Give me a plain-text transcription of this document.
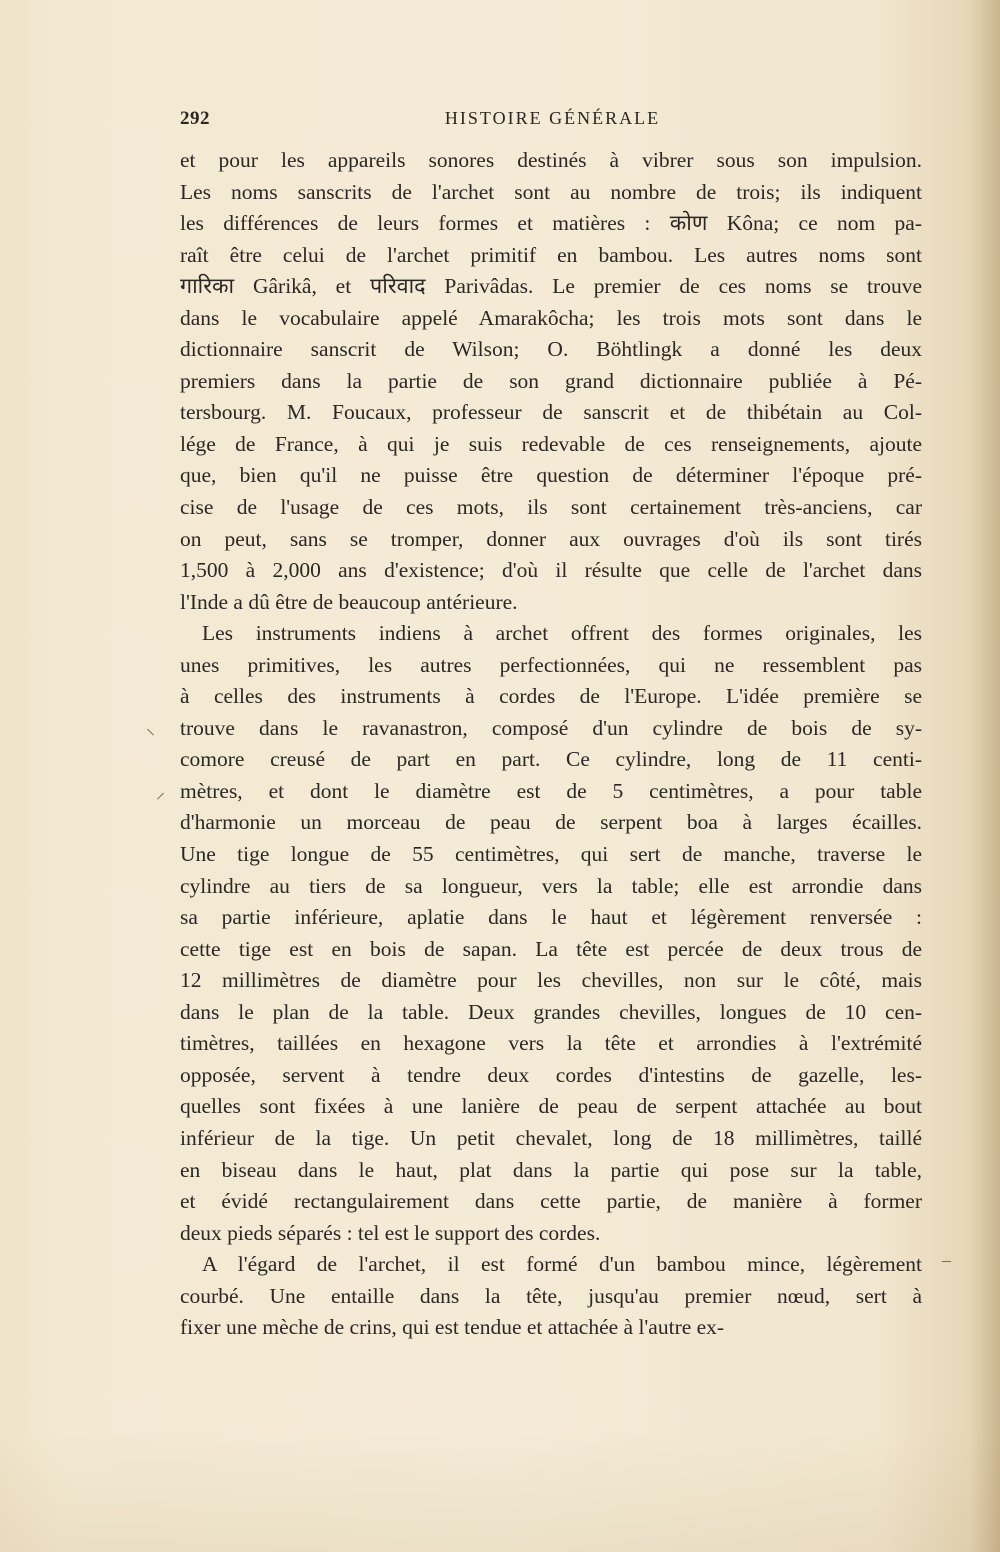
292	HISTOIRE GÉNÉRALE
et pour les appareils sonores destinés à vibrer sous son impulsion.
Les noms sanscrits de l'archet sont au nombre de trois; ils indiquent
les différences de leurs formes et matières : कोण Kôna; ce nom pa-
raît être celui de l'archet primitif en bambou. Les autres noms sont
गारिका Gârikâ, et परिवाद Parivâdas. Le premier de ces noms se trouve
dans le vocabulaire appelé Amarakôcha; les trois mots sont dans le
dictionnaire sanscrit de Wilson; O. Böhtlingk a donné les deux
premiers dans la partie de son grand dictionnaire publiée à Pé-
tersbourg. M. Foucaux, professeur de sanscrit et de thibétain au Col-
lége de France, à qui je suis redevable de ces renseignements, ajoute
que, bien qu'il ne puisse être question de déterminer l'époque pré-
cise de l'usage de ces mots, ils sont certainement très-anciens, car
on peut, sans se tromper, donner aux ouvrages d'où ils sont tirés
1,500 à 2,000 ans d'existence; d'où il résulte que celle de l'archet dans
l'Inde a dû être de beaucoup antérieure.
Les instruments indiens à archet offrent des formes originales, les
unes primitives, les autres perfectionnées, qui ne ressemblent pas
à celles des instruments à cordes de l'Europe. L'idée première se
trouve dans le ravanastron, composé d'un cylindre de bois de sy-
comore creusé de part en part. Ce cylindre, long de 11 centi-
mètres, et dont le diamètre est de 5 centimètres, a pour table
d'harmonie un morceau de peau de serpent boa à larges écailles.
Une tige longue de 55 centimètres, qui sert de manche, traverse le
cylindre au tiers de sa longueur, vers la table; elle est arrondie dans
sa partie inférieure, aplatie dans le haut et légèrement renversée :
cette tige est en bois de sapan. La tête est percée de deux trous de
12 millimètres de diamètre pour les chevilles, non sur le côté, mais
dans le plan de la table. Deux grandes chevilles, longues de 10 cen-
timètres, taillées en hexagone vers la tête et arrondies à l'extrémité
opposée, servent à tendre deux cordes d'intestins de gazelle, les-
quelles sont fixées à une lanière de peau de serpent attachée au bout
inférieur de la tige. Un petit chevalet, long de 18 millimètres, taillé
en biseau dans le haut, plat dans la partie qui pose sur la table,
et évidé rectangulairement dans cette partie, de manière à former
deux pieds séparés : tel est le support des cordes.
A l'égard de l'archet, il est formé d'un bambou mince, légèrement
courbé. Une entaille dans la tête, jusqu'au premier nœud, sert à
fixer une mèche de crins, qui est tendue et attachée à l'autre ex-
⸜
⸝
–
